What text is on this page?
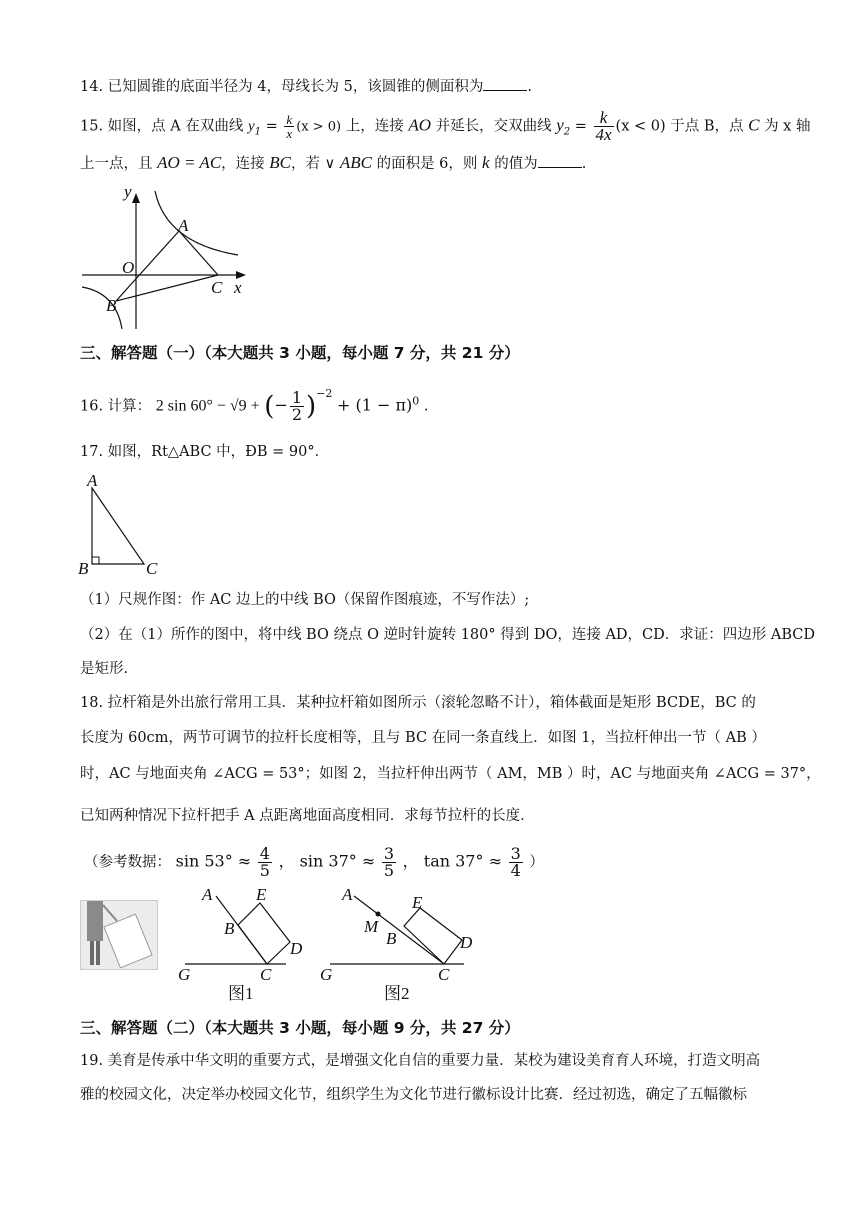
14. 已知圆锥的底面半径为 4，母线长为 5，该圆锥的侧面积为	.
15. 如图，点 A 在双曲线 $y_1 = \frac{k}{x} (x > 0)$ 上，连接 AO 并延长，交双曲线 $y_2 = \frac{k}{4x} (x < 0)$ 于点 B，点 C 为 x 轴
上一点，且 AO = AC，连接 BC，若 ∨ ABC 的面积是 6，则 k 的值为	.
y
A
O
C x
B
三、解答题（一）（本大题共 3 小题，每小题 7 分，共 21 分）
16. 计算： 2 sin 60° − √9 + (− $\frac{1}{2} )^{-2} + (1 - \pi)^0$ .
17. 如图，Rt△ABC 中，ÐB = 90°．
A
B	C
（1）尺规作图：作 AC 边上的中线 BO（保留作图痕迹，不写作法）;
（2）在（1）所作的图中，将中线 BO 绕点 O 逆时针旋转 180° 得到 DO，连接 AD，CD．求证：四边形 ABCD
是矩形.
18. 拉杆箱是外出旅行常用工具．某种拉杆箱如图所示（滚轮忽略不计），箱体截面是矩形 BCDE，BC 的
长度为 60cm，两节可调节的拉杆长度相等，且与 BC 在同一条直线上．如图 1，当拉杆伸出一节（ AB ）
时，AC 与地面夹角 ∠ACG = 53°；如图 2，当拉杆伸出两节（ AM，MB ）时，AC 与地面夹角 ∠ACG = 37°，
已知两种情况下拉杆把手 A 点距离地面高度相同．求每节拉杆的长度．
（参考数据： $\sin 53^\circ \approx \frac{4}{5}$ ， $\sin 37^\circ \approx \frac{3}{5}$ ， $\tan 37^\circ \approx \frac{3}{4}$ ）
A	E
B
D
G	C
图1
A	E
M
B	D
G	C
图2
三、解答题（二）（本大题共 3 小题，每小题 9 分，共 27 分）
19. 美育是传承中华文明的重要方式，是增强文化自信的重要力量．某校为建设美育育人环境，打造文明高
雅的校园文化，决定举办校园文化节，组织学生为文化节进行徽标设计比赛．经过初选，确定了五幅徽标
